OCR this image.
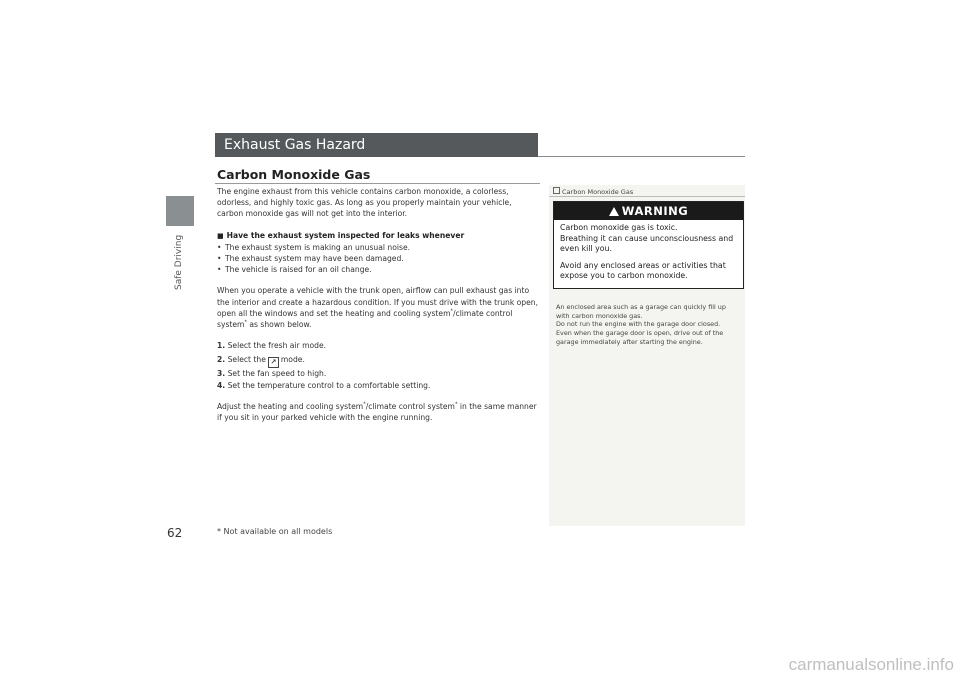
Safe Driving
62	* Not available on all models
Exhaust Gas Hazard
Carbon Monoxide Gas

The engine exhaust from this vehicle contains carbon monoxide, a colorless, odorless, and highly toxic gas. As long as you properly maintain your vehicle, carbon monoxide gas will not get into the interior.

■ Have the exhaust system inspected for leaks whenever

• The exhaust system is making an unusual noise.
• The exhaust system may have been damaged.
• The vehicle is raised for an oil change.

When you operate a vehicle with the trunk open, airflow can pull exhaust gas into the interior and create a hazardous condition. If you must drive with the trunk open, open all the windows and set the heating and cooling system*/climate control system* as shown below.

1. Select the fresh air mode.

2. Select the ↗ mode.

3. Set the fan speed to high.

4. Set the temperature control to a comfortable setting.

Adjust the heating and cooling system*/climate control system* in the same manner if you sit in your parked vehicle with the engine running.

Carbon Monoxide Gas
WARNING

Carbon monoxide gas is toxic.

Breathing it can cause unconsciousness and even kill you.

Avoid any enclosed areas or activities that expose you to carbon monoxide.

An enclosed area such as a garage can quickly fill up with carbon monoxide gas.

Do not run the engine with the garage door closed.

Even when the garage door is open, drive out of the garage immediately after starting the engine.

carmanualsonline.info
